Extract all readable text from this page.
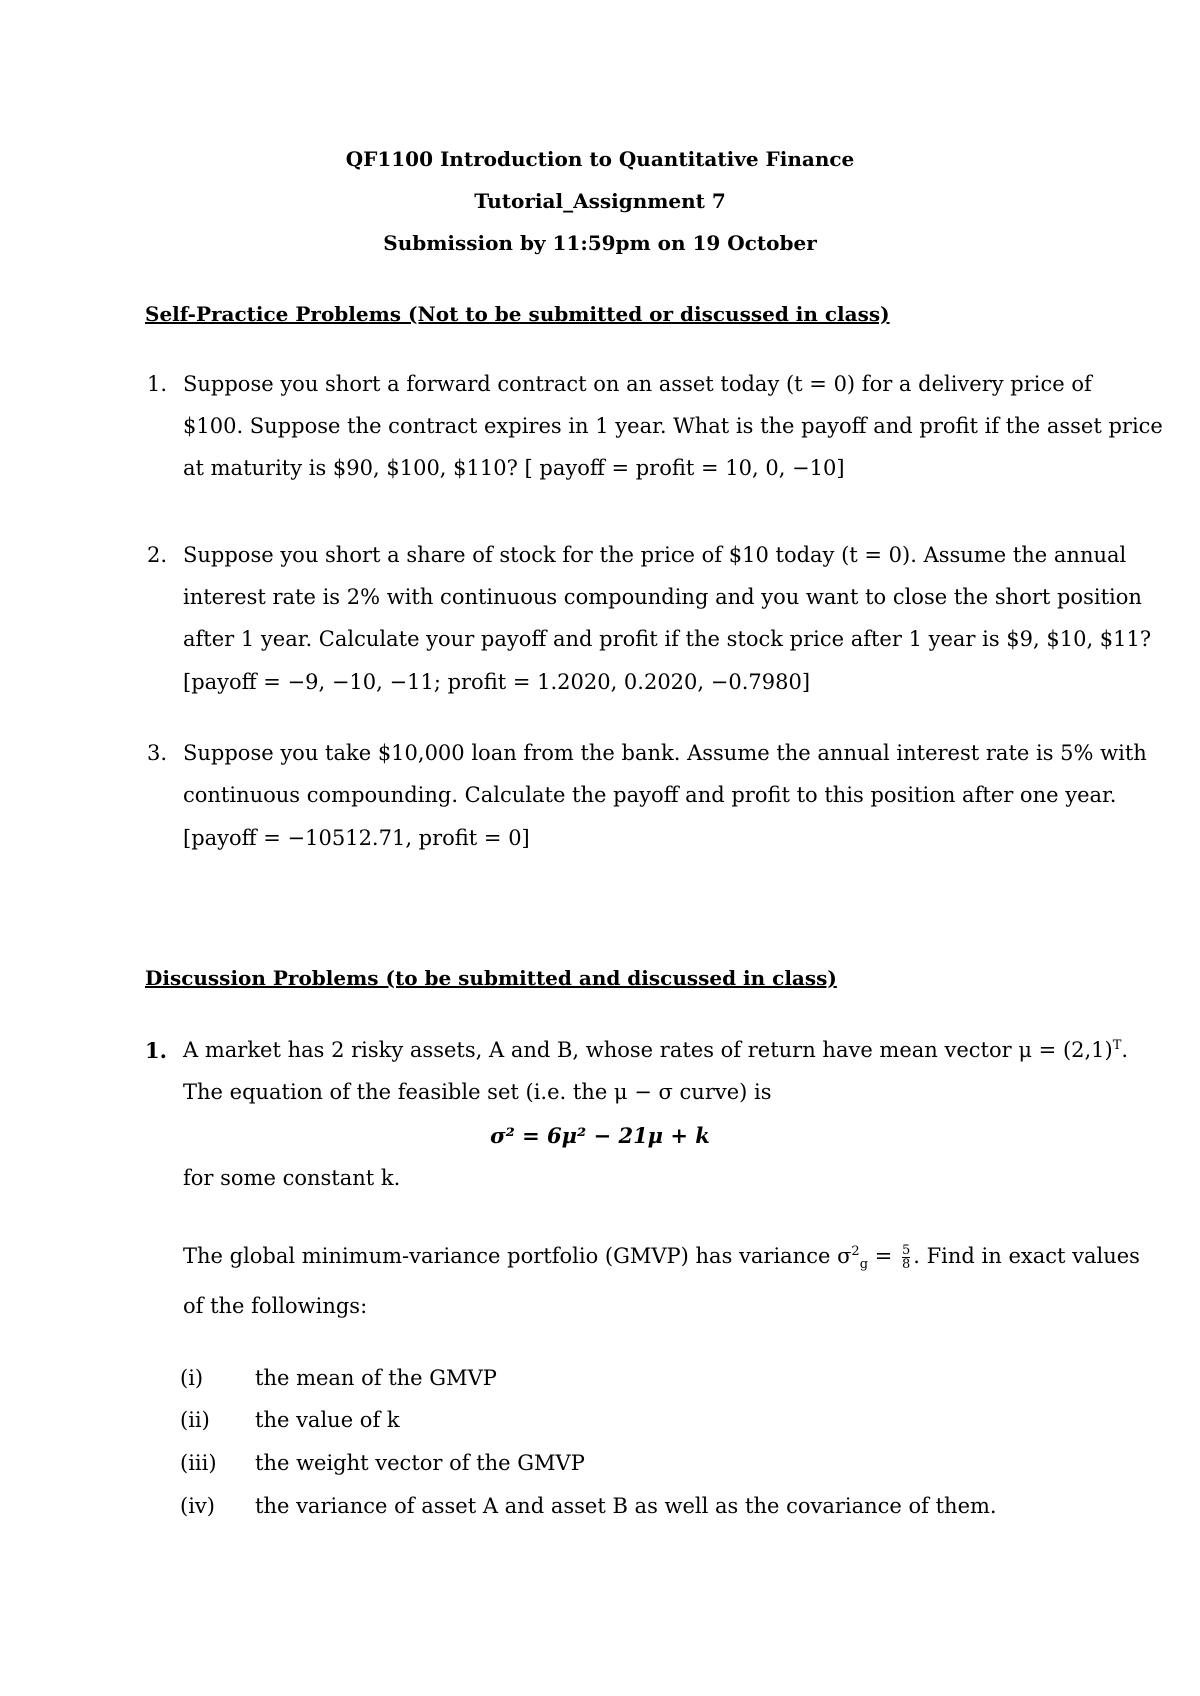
QF1100 Introduction to Quantitative Finance
Tutorial_Assignment 7
Submission by 11:59pm on 19 October
Self-Practice Problems (Not to be submitted or discussed in class)
1. Suppose you short a forward contract on an asset today (t = 0) for a delivery price of
$100. Suppose the contract expires in 1 year. What is the payoff and profit if the asset price
at maturity is $90, $100, $110? [ payoff = profit = 10, 0, −10]
2. Suppose you short a share of stock for the price of $10 today (t = 0). Assume the annual
interest rate is 2% with continuous compounding and you want to close the short position
after 1 year. Calculate your payoff and profit if the stock price after 1 year is $9, $10, $11?
[payoff = −9, −10, −11; profit = 1.2020, 0.2020, −0.7980]
3. Suppose you take $10,000 loan from the bank. Assume the annual interest rate is 5% with
continuous compounding. Calculate the payoff and profit to this position after one year.
[payoff = −10512.71, profit = 0]
Discussion Problems (to be submitted and discussed in class)
1. A market has 2 risky assets, A and B, whose rates of return have mean vector $\mu = (2,1)^T$.
The equation of the feasible set (i.e. the μ − σ curve) is
σ² = 6μ² − 21μ + k
for some constant k.
The global minimum-variance portfolio (GMVP) has variance $\sigma^2_g = \frac{5}{8}$ . Find in exact values
of the followings:
(i) the mean of the GMVP
(ii) the value of k
(iii) the weight vector of the GMVP
(iv) the variance of asset A and asset B as well as the covariance of them.
